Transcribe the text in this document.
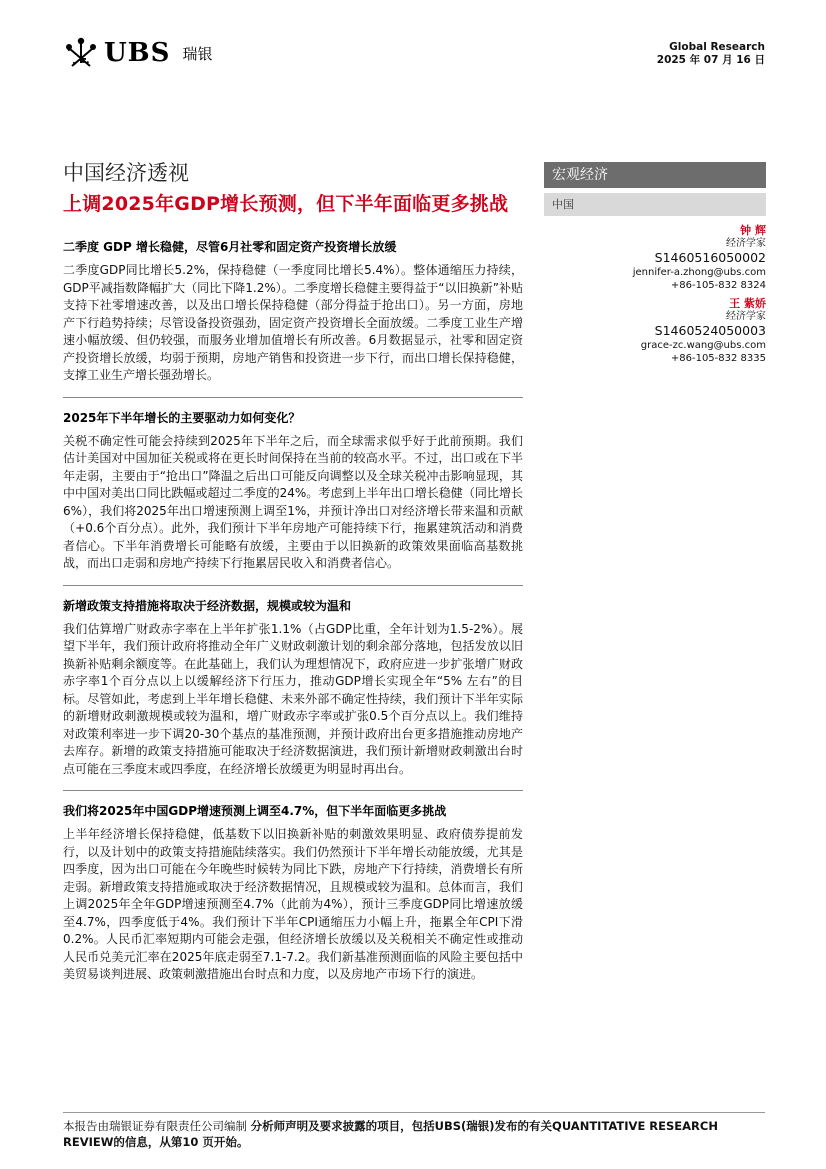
UBS 瑞银	Global Research
2025 年 07 月 16 日
中国经济透视
上调2025年GDP增长预测，但下半年面临更多挑战
二季度 GDP 增长稳健，尽管6月社零和固定资产投资增长放缓

二季度GDP同比增长5.2%，保持稳健（一季度同比增长5.4%）。整体通缩压力持续，GDP平减指数降幅扩大（同比下降1.2%）。二季度增长稳健主要得益于“以旧换新”补贴支持下社零增速改善，以及出口增长保持稳健（部分得益于抢出口）。另一方面，房地产下行趋势持续；尽管设备投资强劲，固定资产投资增长全面放缓。二季度工业生产增速小幅放缓、但仍较强，而服务业增加值增长有所改善。6月数据显示，社零和固定资产投资增长放缓，均弱于预期，房地产销售和投资进一步下行，而出口增长保持稳健，支撑工业生产增长强劲增长。

2025年下半年增长的主要驱动力如何变化？

关税不确定性可能会持续到2025年下半年之后，而全球需求似乎好于此前预期。我们估计美国对中国加征关税或将在更长时间保持在当前的较高水平。不过，出口或在下半年走弱，主要由于“抢出口”降温之后出口可能反向调整以及全球关税冲击影响显现，其中中国对美出口同比跌幅或超过二季度的24%。考虑到上半年出口增长稳健（同比增长6%），我们将2025年出口增速预测上调至1%，并预计净出口对经济增长带来温和贡献（+0.6个百分点）。此外，我们预计下半年房地产可能持续下行，拖累建筑活动和消费者信心。下半年消费增长可能略有放缓，主要由于以旧换新的政策效果面临高基数挑战，而出口走弱和房地产持续下行拖累居民收入和消费者信心。

新增政策支持措施将取决于经济数据，规模或较为温和

我们估算增广财政赤字率在上半年扩张1.1%（占GDP比重，全年计划为1.5-2%）。展望下半年，我们预计政府将推动全年广义财政刺激计划的剩余部分落地，包括发放以旧换新补贴剩余额度等。在此基础上，我们认为理想情况下，政府应进一步扩张增广财政赤字率1个百分点以上以缓解经济下行压力，推动GDP增长实现全年“5% 左右”的目标。尽管如此，考虑到上半年增长稳健、未来外部不确定性持续，我们预计下半年实际的新增财政刺激规模或较为温和，增广财政赤字率或扩张0.5个百分点以上。我们维持对政策利率进一步下调20-30个基点的基准预测，并预计政府出台更多措施推动房地产去库存。新增的政策支持措施可能取决于经济数据演进，我们预计新增财政刺激出台时点可能在三季度末或四季度，在经济增长放缓更为明显时再出台。

我们将2025年中国GDP增速预测上调至4.7%，但下半年面临更多挑战

上半年经济增长保持稳健，低基数下以旧换新补贴的刺激效果明显、政府债券提前发行，以及计划中的政策支持措施陆续落实。我们仍然预计下半年增长动能放缓，尤其是四季度，因为出口可能在今年晚些时候转为同比下跌，房地产下行持续，消费增长有所走弱。新增政策支持措施或取决于经济数据情况，且规模或较为温和。总体而言，我们上调2025年全年GDP增速预测至4.7%（此前为4%），预计三季度GDP同比增速放缓至4.7%，四季度低于4%。我们预计下半年CPI通缩压力小幅上升，拖累全年CPI下滑0.2%。人民币汇率短期内可能会走强，但经济增长放缓以及关税相关不确定性或推动人民币兑美元汇率在2025年底走弱至7.1-7.2。我们新基准预测面临的风险主要包括中美贸易谈判进展、政策刺激措施出台时点和力度，以及房地产市场下行的演进。

宏观经济
中国
钟 辉
经济学家
S1460516050002
jennifer-a.zhong@ubs.com
+86-105-832 8324
王 紫娇
经济学家
S1460524050003
grace-zc.wang@ubs.com
+86-105-832 8335
本报告由瑞银证券有限责任公司编制 分析师声明及要求披露的项目，包括UBS(瑞银)发布的有关QUANTITATIVE RESEARCH REVIEW的信息，从第10 页开始。
